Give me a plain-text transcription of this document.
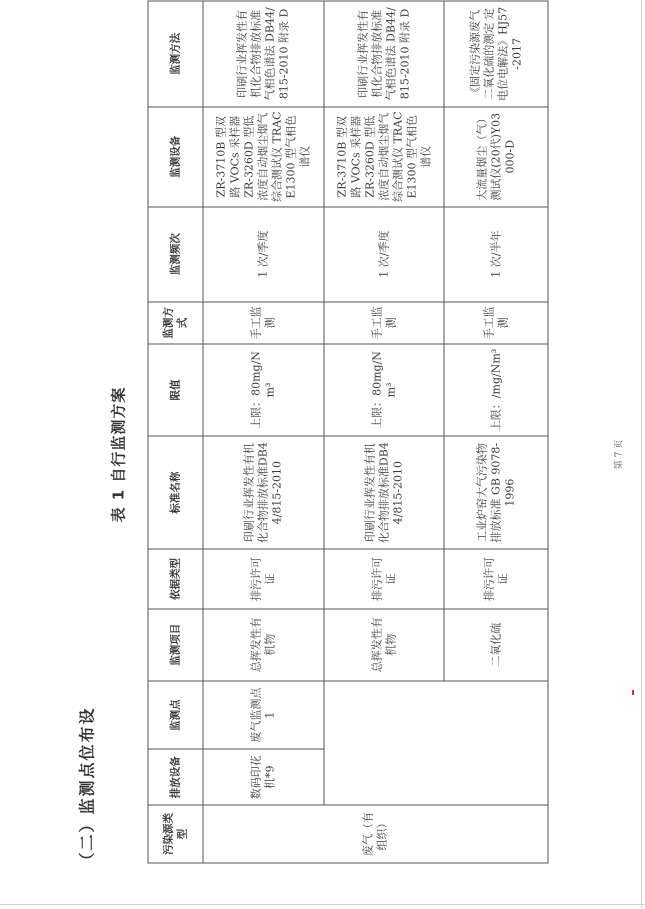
（二）监测点位布设
表 1 自行监测方案
污染源类型	排放设备	监测点	监测项目	依据类型	标准名称	限值	监测方式	监测频次	监测设备	监测方法
废气（有组织）	数码印花机*9	废气监测点 1	总挥发性有机物	排污许可证	印刷行业挥发性有机化合物排放标准DB44/815-2010	上限：80mg/Nm³	手工监测	1 次/季度	ZR-3710B 型双路 VOCs 采样器 ZR-3260D 型低浓度自动烟尘烟气综合测试仪 TRACE1300 型气相色谱仪	印刷行业挥发性有机化合物排放标准气相色谱法 DB44/815-2010 附录 D
			总挥发性有机物	排污许可证	印刷行业挥发性有机化合物排放标准DB44/815-2010	上限：80mg/Nm³	手工监测	1 次/季度	ZR-3710B 型双路 VOCs 采样器 ZR-3260D 型低浓度自动烟尘烟气综合测试仪 TRACE1300 型气相色谱仪	印刷行业挥发性有机化合物排放标准气相色谱法 DB44/815-2010 附录 D
			二氧化硫	排污许可证	工业炉窑大气污染物排放标准 GB 9078-1996	上限：/mg/Nm³	手工监测	1 次/半年	大流量烟尘（气）测试仪(20代)Y03000-D	《固定污染源废气 二氧化硫的测定 定电位电解法》HJ57-2017
第 7 页
